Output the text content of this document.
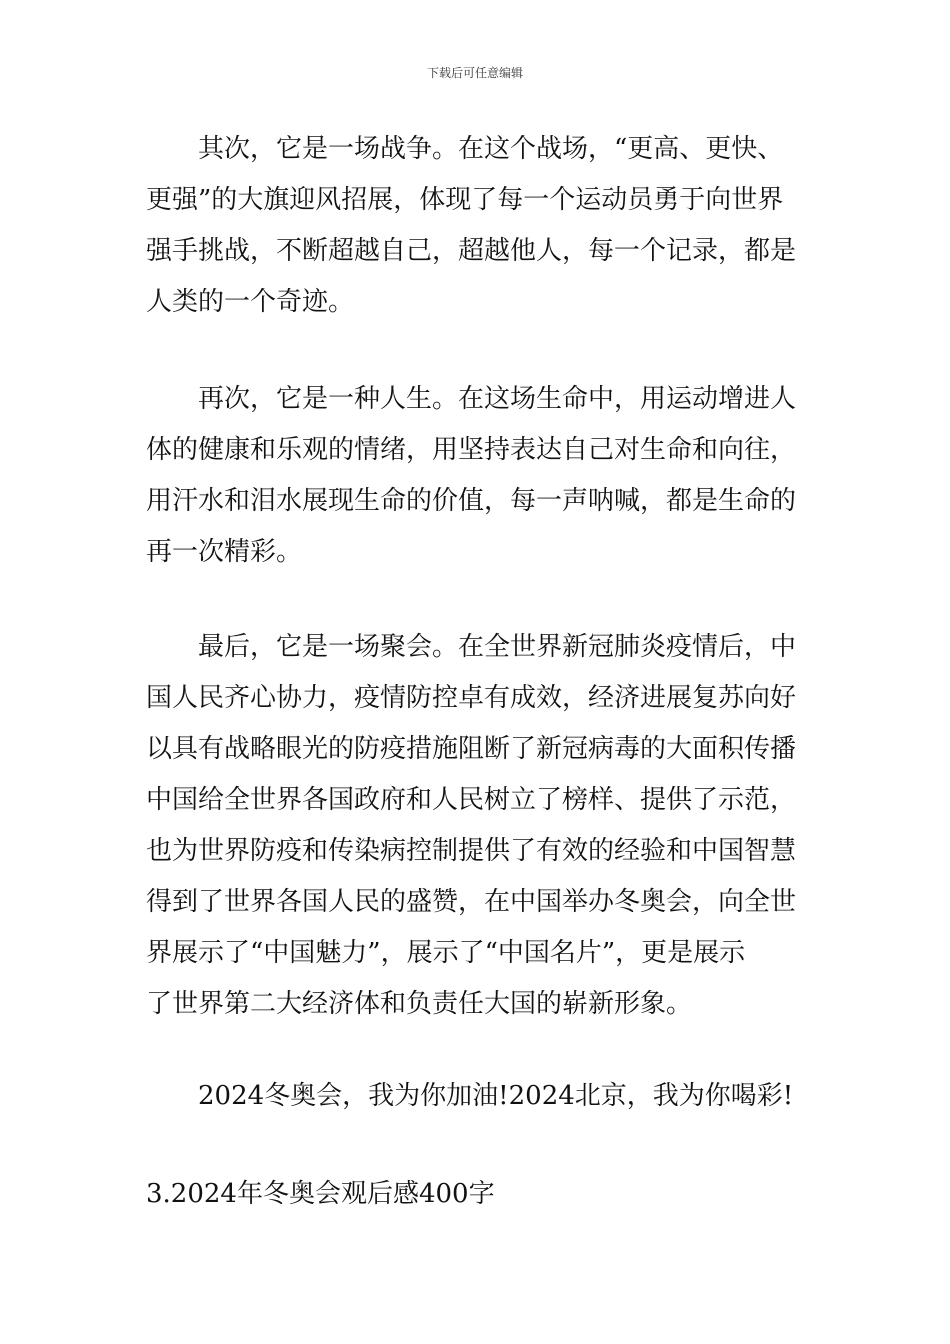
下载后可任意编辑
其次，它是一场战争。在这个战场，“更高、更快、
更强”的大旗迎风招展，体现了每一个运动员勇于向世界
强手挑战，不断超越自己，超越他人，每一个记录，都是
人类的一个奇迹。
再次，它是一种人生。在这场生命中，用运动增进人
体的健康和乐观的情绪，用坚持表达自己对生命和向往，
用汗水和泪水展现生命的价值，每一声呐喊，都是生命的
再一次精彩。
最后，它是一场聚会。在全世界新冠肺炎疫情后，中
国人民齐心协力，疫情防控卓有成效，经济进展复苏向好
以具有战略眼光的防疫措施阻断了新冠病毒的大面积传播
中国给全世界各国政府和人民树立了榜样、提供了示范，
也为世界防疫和传染病控制提供了有效的经验和中国智慧
得到了世界各国人民的盛赞，在中国举办冬奥会，向全世
界展示了“中国魅力”，展示了“中国名片”，更是展示
了世界第二大经济体和负责任大国的崭新形象。
2024冬奥会，我为你加油!2024北京，我为你喝彩!
3.2024年冬奥会观后感400字
